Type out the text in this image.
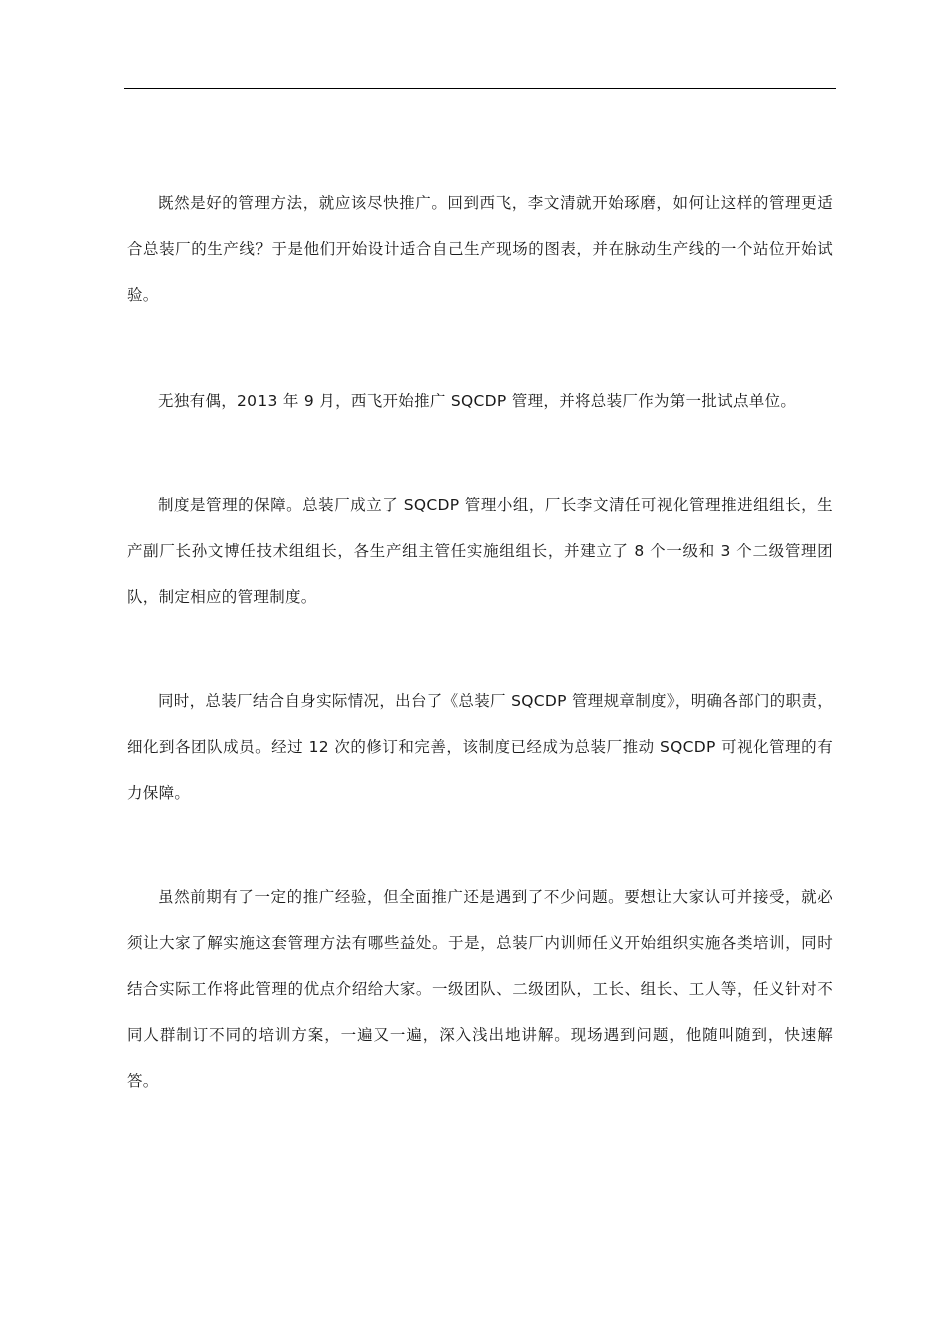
既然是好的管理方法，就应该尽快推广。回到西飞，李文清就开始琢磨，如何让这样的管理更适合总装厂的生产线？于是他们开始设计适合自己生产现场的图表，并在脉动生产线的一个站位开始试验。

无独有偶，2013 年 9 月，西飞开始推广 SQCDP 管理，并将总装厂作为第一批试点单位。

制度是管理的保障。总装厂成立了 SQCDP 管理小组，厂长李文清任可视化管理推进组组长，生产副厂长孙文博任技术组组长，各生产组主管任实施组组长，并建立了 8 个一级和 3 个二级管理团队，制定相应的管理制度。

同时，总装厂结合自身实际情况，出台了《总装厂 SQCDP 管理规章制度》，明确各部门的职责，细化到各团队成员。经过 12 次的修订和完善，该制度已经成为总装厂推动 SQCDP 可视化管理的有力保障。

虽然前期有了一定的推广经验，但全面推广还是遇到了不少问题。要想让大家认可并接受，就必须让大家了解实施这套管理方法有哪些益处。于是，总装厂内训师任义开始组织实施各类培训，同时结合实际工作将此管理的优点介绍给大家。一级团队、二级团队，工长、组长、工人等，任义针对不同人群制订不同的培训方案，一遍又一遍，深入浅出地讲解。现场遇到问题，他随叫随到，快速解答。
